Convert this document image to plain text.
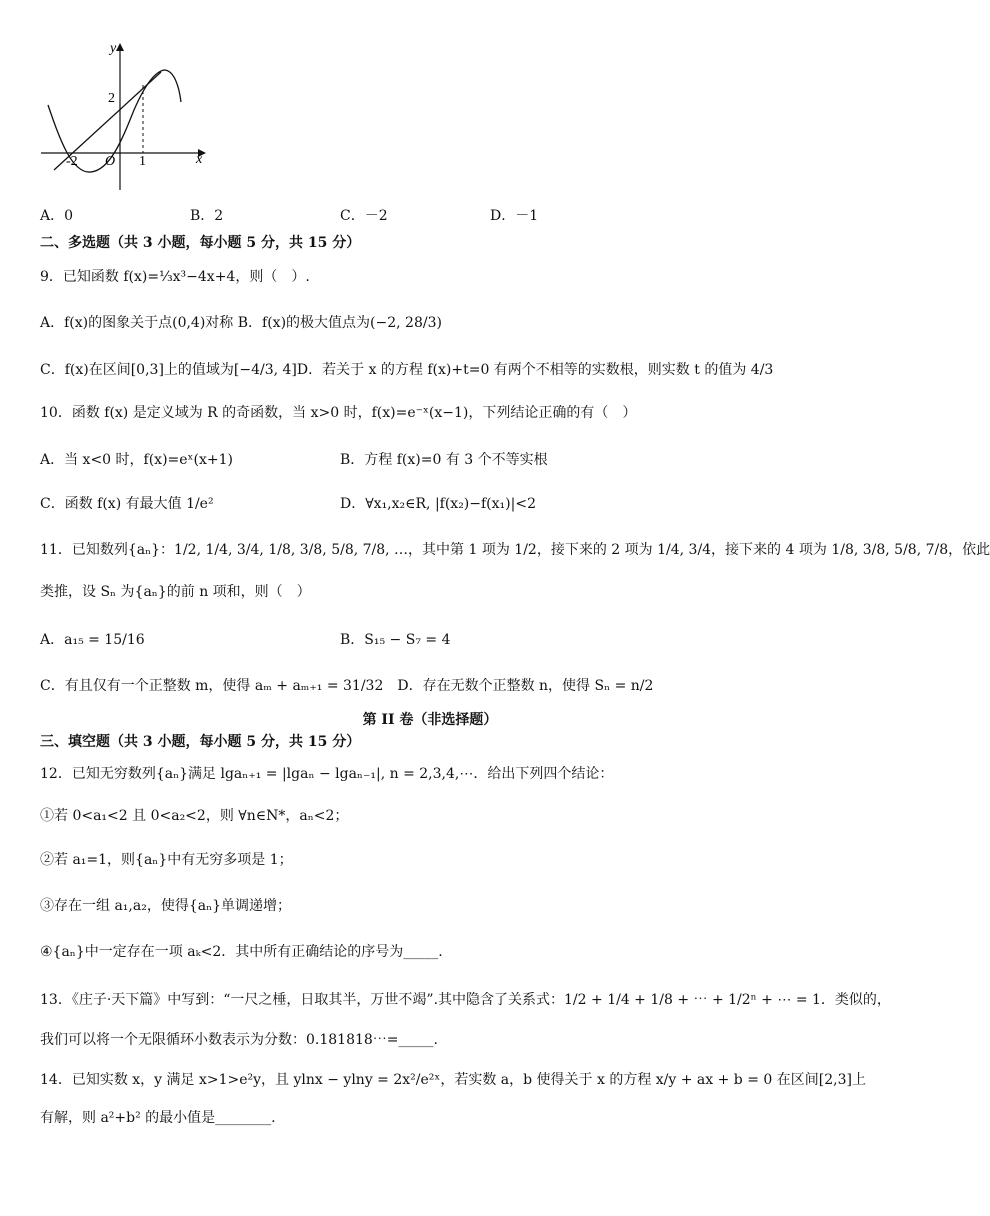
y
x
O
2
-2	1
A．0	B．2	C．－2	D．－1
二、多选题（共 3 小题，每小题 5 分，共 15 分）
9．已知函数 f(x)=⅓x³−4x+4，则（　）.
A．f(x)的图象关于点(0,4)对称 B．f(x)的极大值点为(−2, 28/3)
C．f(x)在区间[0,3]上的值域为[−4/3, 4]D．若关于 x 的方程 f(x)+t=0 有两个不相等的实数根，则实数 t 的值为 4/3
10．函数 f(x) 是定义域为 R 的奇函数，当 x>0 时，f(x)=e⁻ˣ(x−1)，下列结论正确的有（　）
A．当 x<0 时，f(x)=eˣ(x+1)	B．方程 f(x)=0 有 3 个不等实根
C．函数 f(x) 有最大值 1/e²	D．∀x₁,x₂∈R, |f(x₂)−f(x₁)|<2
11．已知数列{aₙ}：1/2, 1/4, 3/4, 1/8, 3/8, 5/8, 7/8, …，其中第 1 项为 1/2，接下来的 2 项为 1/4, 3/4，接下来的 4 项为 1/8, 3/8, 5/8, 7/8，依此
类推，设 Sₙ 为{aₙ}的前 n 项和，则（　）
A．a₁₅ = 15/16	B．S₁₅ − S₇ = 4
C．有且仅有一个正整数 m，使得 aₘ + aₘ₊₁ = 31/32　D．存在无数个正整数 n，使得 Sₙ = n/2
第 II 卷（非选择题）
三、填空题（共 3 小题，每小题 5 分，共 15 分）
12．已知无穷数列{aₙ}满足 lgaₙ₊₁ = |lgaₙ − lgaₙ₋₁|, n = 2,3,4,⋯．给出下列四个结论：
①若 0<a₁<2 且 0<a₂<2，则 ∀n∈N*，aₙ<2；
②若 a₁=1，则{aₙ}中有无穷多项是 1；
③存在一组 a₁,a₂，使得{aₙ}单调递增；
④{aₙ}中一定存在一项 aₖ<2．其中所有正确结论的序号为_____.
13．《庄子·天下篇》中写到：“一尺之棰，日取其半，万世不竭”.其中隐含了关系式：1/2 + 1/4 + 1/8 + ⋯ + 1/2ⁿ + ⋯ = 1．类似的，
我们可以将一个无限循环小数表示为分数：0.181818⋯=_____.
14．已知实数 x，y 满足 x>1>e²y，且 ylnx − ylny = 2x²/e²ˣ，若实数 a，b 使得关于 x 的方程 x/y + ax + b = 0 在区间[2,3]上
有解，则 a²+b² 的最小值是________.
